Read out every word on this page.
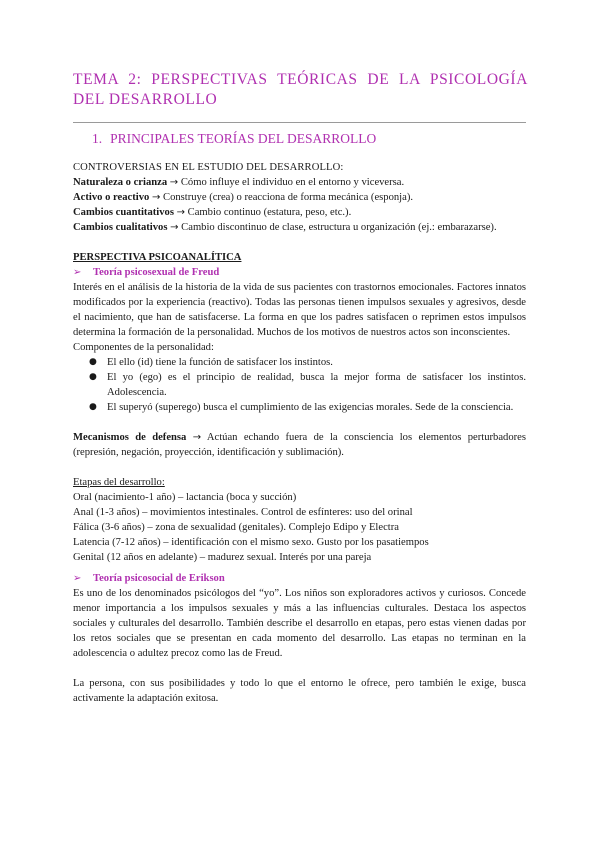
TEMA 2: PERSPECTIVAS TEÓRICAS DE LA PSICOLOGÍA DEL DESARROLLO
1. PRINCIPALES TEORÍAS DEL DESARROLLO

CONTROVERSIAS EN EL ESTUDIO DEL DESARROLLO:

Naturaleza o crianza → Cómo influye el individuo en el entorno y viceversa.

Activo o reactivo → Construye (crea) o reacciona de forma mecánica (esponja).

Cambios cuantitativos → Cambio continuo (estatura, peso, etc.).

Cambios cualitativos → Cambio discontinuo de clase, estructura u organización (ej.: embarazarse).

PERSPECTIVA PSICOANALÍTICA

➢ Teoría psicosexual de Freud

Interés en el análisis de la historia de la vida de sus pacientes con trastornos emocionales. Factores innatos modificados por la experiencia (reactivo). Todas las personas tienen impulsos sexuales y agresivos, desde el nacimiento, que han de satisfacerse. La forma en que los padres satisfacen o reprimen estos impulsos determina la formación de la personalidad. Muchos de los motivos de nuestros actos son inconscientes.

Componentes de la personalidad:

● El ello (id) tiene la función de satisfacer los instintos.
● El yo (ego) es el principio de realidad, busca la mejor forma de satisfacer los instintos. Adolescencia.
● El superyó (superego) busca el cumplimiento de las exigencias morales. Sede de la consciencia.

Mecanismos de defensa → Actúan echando fuera de la consciencia los elementos perturbadores (represión, negación, proyección, identificación y sublimación).

Etapas del desarrollo:

Oral (nacimiento-1 año) – lactancia (boca y succión)

Anal (1-3 años) – movimientos intestinales. Control de esfínteres: uso del orinal

Fálica (3-6 años) – zona de sexualidad (genitales). Complejo Edipo y Electra

Latencia (7-12 años) – identificación con el mismo sexo. Gusto por los pasatiempos

Genital (12 años en adelante) – madurez sexual. Interés por una pareja

➢ Teoría psicosocial de Erikson

Es uno de los denominados psicólogos del “yo”. Los niños son exploradores activos y curiosos. Concede menor importancia a los impulsos sexuales y más a las influencias culturales. Destaca los aspectos sociales y culturales del desarrollo. También describe el desarrollo en etapas, pero estas vienen dadas por los retos sociales que se presentan en cada momento del desarrollo. Las etapas no terminan en la adolescencia o adultez precoz como las de Freud.

La persona, con sus posibilidades y todo lo que el entorno le ofrece, pero también le exige, busca activamente la adaptación exitosa.
